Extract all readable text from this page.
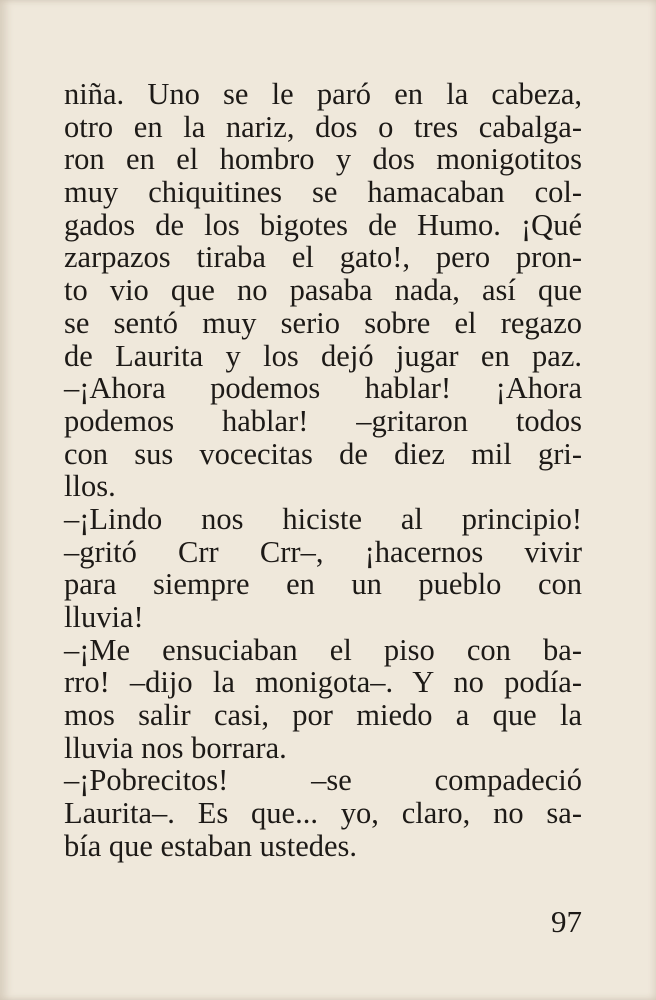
niña. Uno se le paró en la cabeza,
otro en la nariz, dos o tres cabalga-
ron en el hombro y dos monigotitos
muy chiquitines se hamacaban col-
gados de los bigotes de Humo. ¡Qué
zarpazos tiraba el gato!, pero pron-
to vio que no pasaba nada, así que
se sentó muy serio sobre el regazo
de Laurita y los dejó jugar en paz.
–¡Ahora podemos hablar! ¡Ahora
podemos hablar! –gritaron todos
con sus vocecitas de diez mil gri-
llos.
–¡Lindo nos hiciste al principio!
–gritó Crr Crr–, ¡hacernos vivir
para siempre en un pueblo con
lluvia!
–¡Me ensuciaban el piso con ba-
rro! –dijo la monigota–. Y no podía-
mos salir casi, por miedo a que la
lluvia nos borrara.
–¡Pobrecitos! –se compadeció
Laurita–. Es que... yo, claro, no sa-
bía que estaban ustedes.
97
